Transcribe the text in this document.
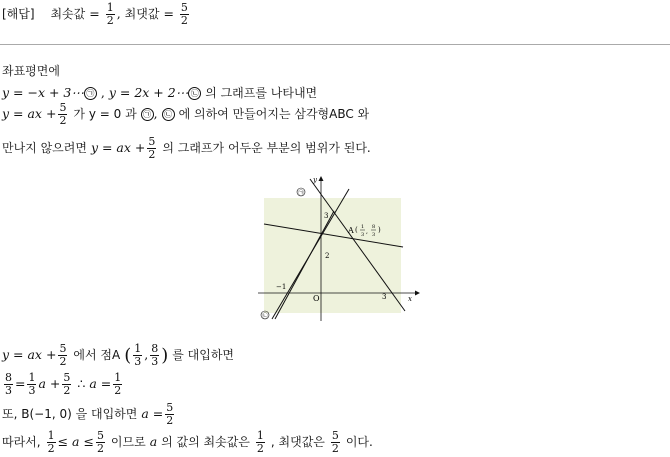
[해답] 최솟값 = $\frac{1}{2}$ , 최댓값 = $\frac{5}{2}$
좌표평면에
y = −x + 3⋯ ㉠ , y = 2x + 2⋯ ㉡ 의 그래프를 나타내면
y = ax + $\frac{5}{2}$ 가 y = 0 과 ㉠ , ㉡ 에 의하여 만들어지는 삼각형ABC 와
만나지 않으려면 y = ax + $\frac{5}{2}$ 의 그래프가 어두운 부분의 범위가 된다.
y
x
O
3
2
−1
3
A ( 1
3 ,
8
3
)
㉠
㉡
y = ax + $\frac{5}{2}$ 에서 점A ( $\frac{1}{3}$ , $\frac{8}{3}$ ) 를 대입하면
$\frac{8}{3} = \frac{1}{3}$ $a + \frac{5}{2}$ ∴ $a = \frac{1}{2}$
또, B(−1, 0) 을 대입하면 $a = \frac{5}{2}$
따라서, $\frac{1}{2} \le a \le \frac{5}{2}$ 이므로 a 의 값의 최솟값은 $\frac{1}{2}$ , 최댓값은 $\frac{5}{2}$ 이다.
